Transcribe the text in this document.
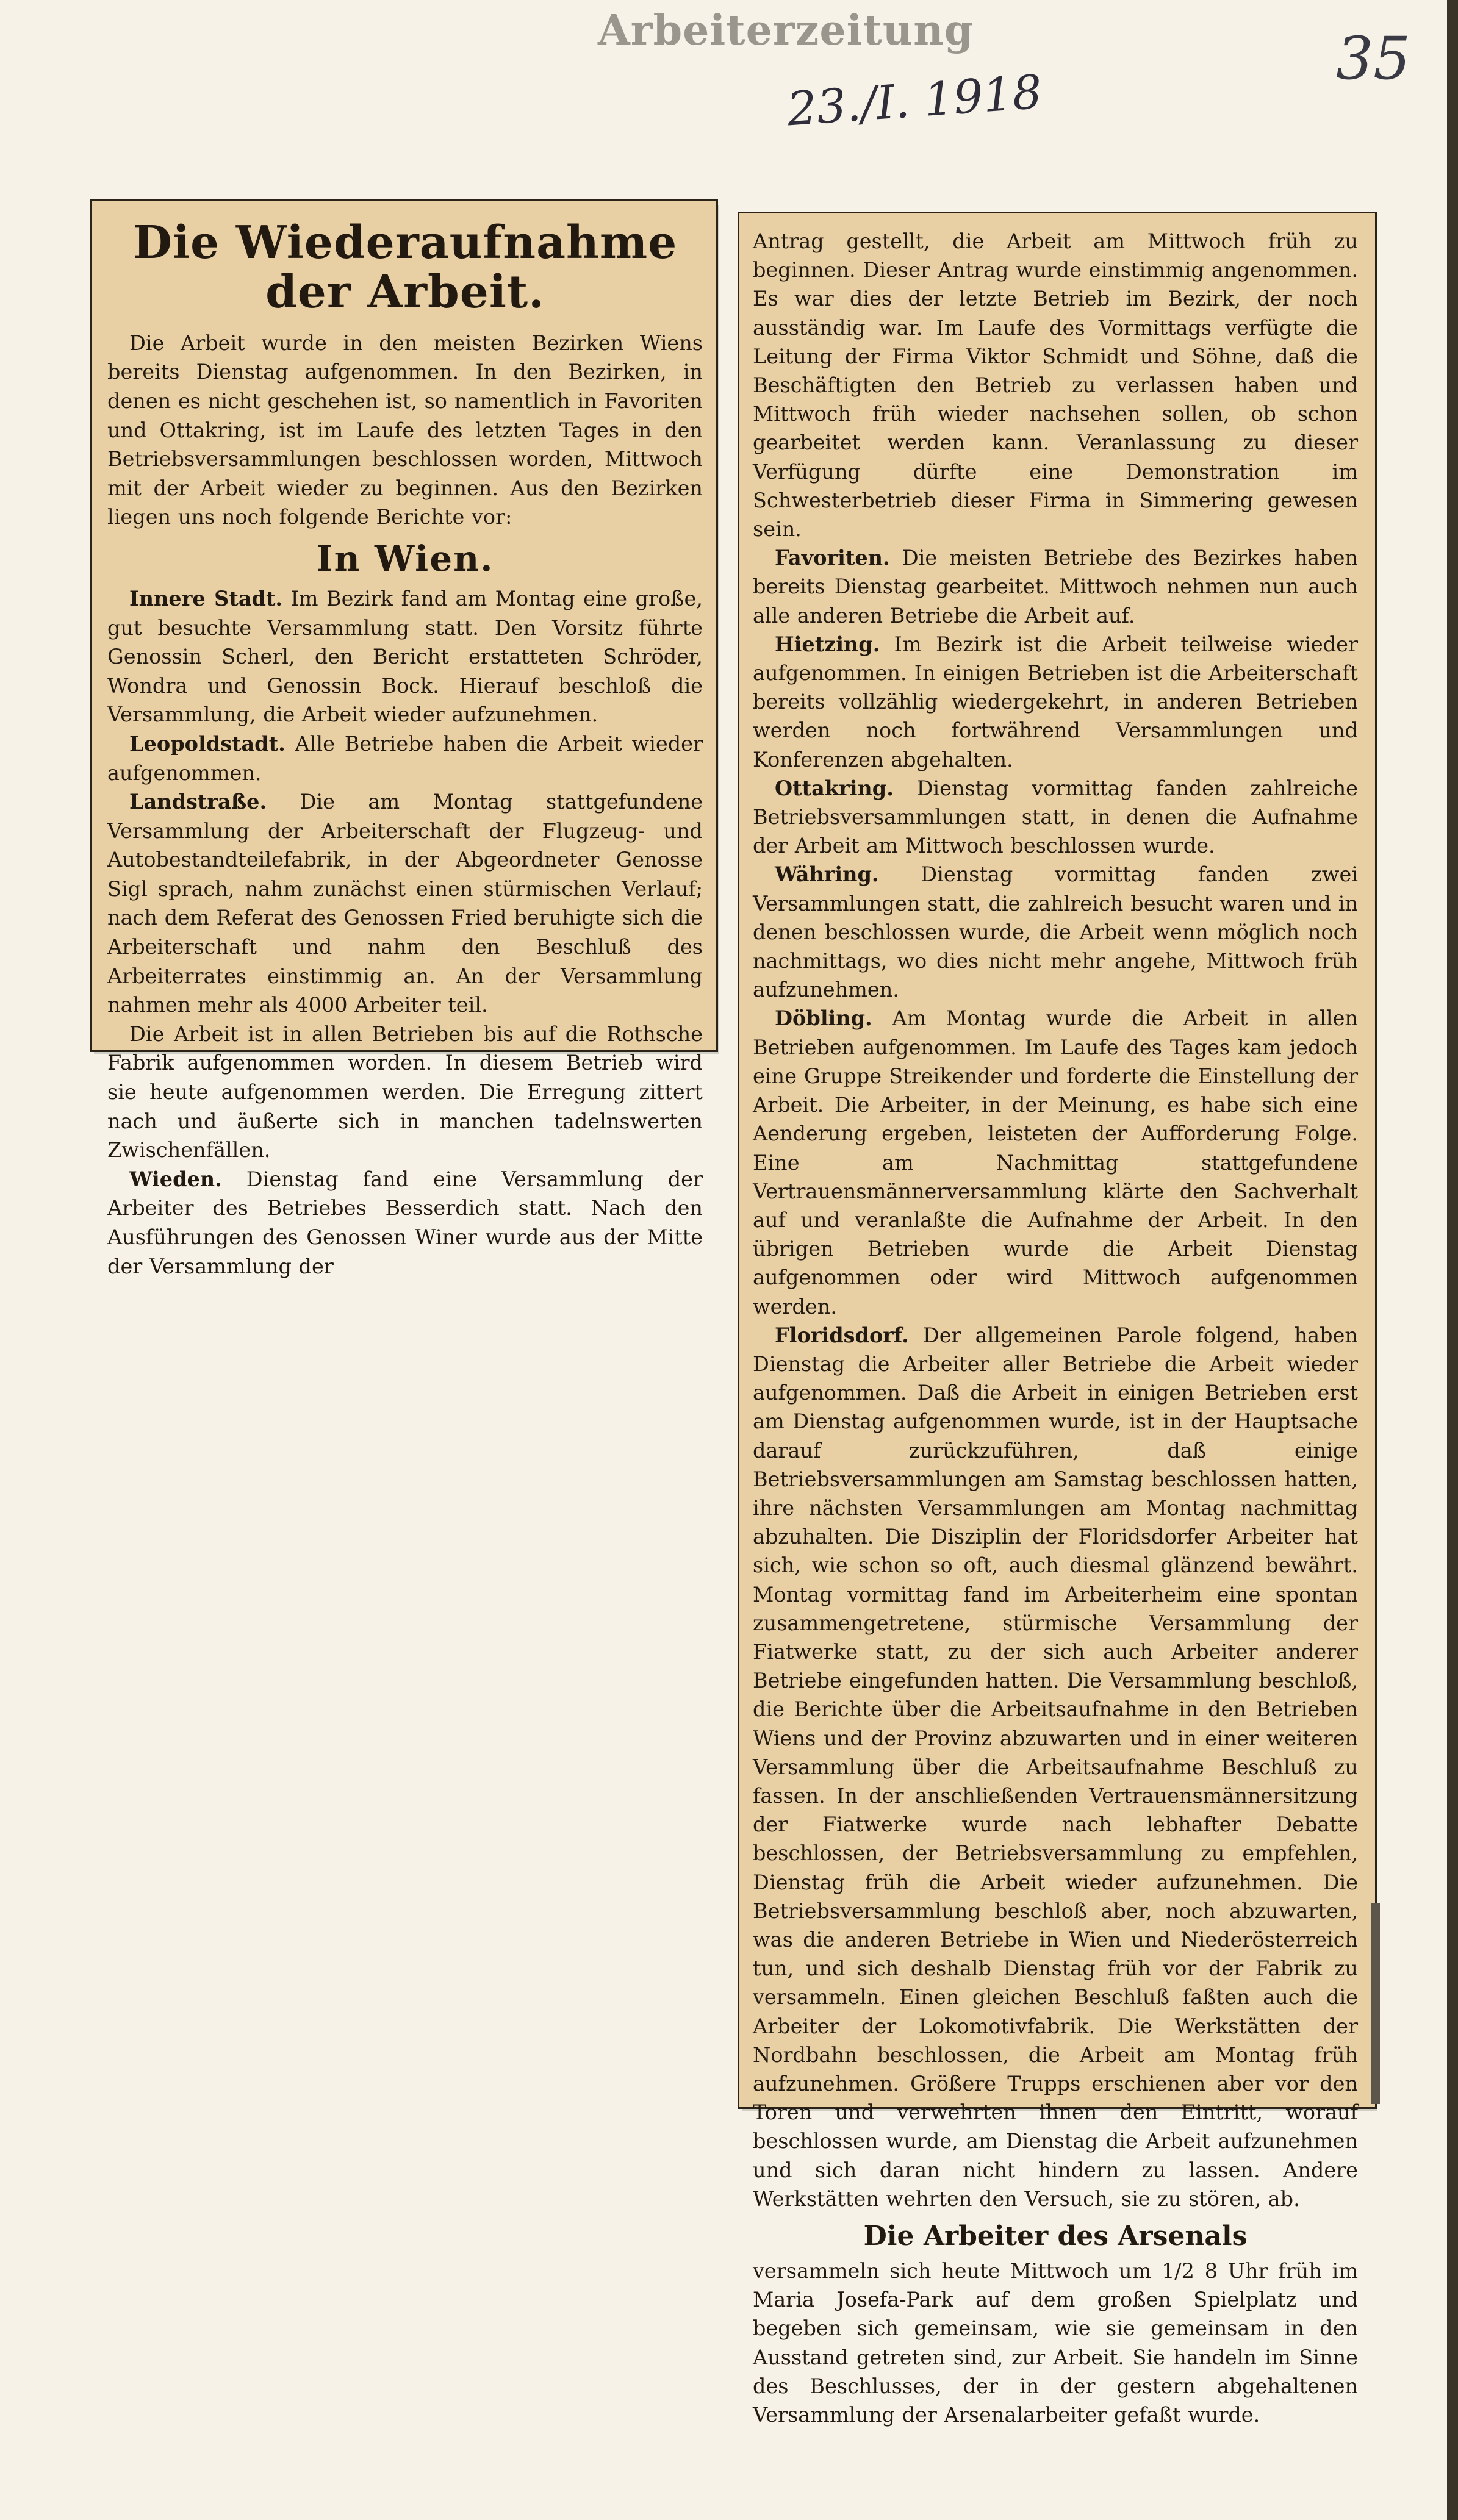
Arbeiterzeitung
23./I. 1918
35
Die Wiederaufnahme der Arbeit.

Die Arbeit wurde in den meisten Bezirken Wiens bereits Dienstag aufgenommen. In den Bezirken, in denen es nicht geschehen ist, so namentlich in Favoriten und Ottakring, ist im Laufe des letzten Tages in den Betriebsversammlungen beschlossen worden, Mittwoch mit der Arbeit wieder zu beginnen. Aus den Bezirken liegen uns noch folgende Berichte vor:

In Wien.

Innere Stadt. Im Bezirk fand am Montag eine große, gut besuchte Versammlung statt. Den Vorsitz führte Genossin Scherl, den Bericht erstatteten Schröder, Wondra und Genossin Bock. Hierauf beschloß die Versammlung, die Arbeit wieder aufzunehmen.

Leopoldstadt. Alle Betriebe haben die Arbeit wieder aufgenommen.

Landstraße. Die am Montag stattgefundene Versammlung der Arbeiterschaft der Flugzeug- und Autobestandteilefabrik, in der Abgeordneter Genosse Sigl sprach, nahm zunächst einen stürmischen Verlauf; nach dem Referat des Genossen Fried beruhigte sich die Arbeiterschaft und nahm den Beschluß des Arbeiterrates einstimmig an. An der Versammlung nahmen mehr als 4000 Arbeiter teil.

Die Arbeit ist in allen Betrieben bis auf die Rothsche Fabrik aufgenommen worden. In diesem Betrieb wird sie heute aufgenommen werden. Die Erregung zittert nach und äußerte sich in manchen tadelnswerten Zwischenfällen.

Wieden. Dienstag fand eine Versammlung der Arbeiter des Betriebes Besserdich statt. Nach den Ausführungen des Genossen Winer wurde aus der Mitte der Versammlung der

Antrag gestellt, die Arbeit am Mittwoch früh zu beginnen. Dieser Antrag wurde einstimmig angenommen. Es war dies der letzte Betrieb im Bezirk, der noch ausständig war. Im Laufe des Vormittags verfügte die Leitung der Firma Viktor Schmidt und Söhne, daß die Beschäftigten den Betrieb zu verlassen haben und Mittwoch früh wieder nachsehen sollen, ob schon gearbeitet werden kann. Veranlassung zu dieser Verfügung dürfte eine Demonstration im Schwesterbetrieb dieser Firma in Simmering gewesen sein.

Favoriten. Die meisten Betriebe des Bezirkes haben bereits Dienstag gearbeitet. Mittwoch nehmen nun auch alle anderen Betriebe die Arbeit auf.

Hietzing. Im Bezirk ist die Arbeit teilweise wieder aufgenommen. In einigen Betrieben ist die Arbeiterschaft bereits vollzählig wiedergekehrt, in anderen Betrieben werden noch fortwährend Versammlungen und Konferenzen abgehalten.

Ottakring. Dienstag vormittag fanden zahlreiche Betriebsversammlungen statt, in denen die Aufnahme der Arbeit am Mittwoch beschlossen wurde.

Währing. Dienstag vormittag fanden zwei Versammlungen statt, die zahlreich besucht waren und in denen beschlossen wurde, die Arbeit wenn möglich noch nachmittags, wo dies nicht mehr angehe, Mittwoch früh aufzunehmen.

Döbling. Am Montag wurde die Arbeit in allen Betrieben aufgenommen. Im Laufe des Tages kam jedoch eine Gruppe Streikender und forderte die Einstellung der Arbeit. Die Arbeiter, in der Meinung, es habe sich eine Aenderung ergeben, leisteten der Aufforderung Folge. Eine am Nachmittag stattgefundene Vertrauensmännerversammlung klärte den Sachverhalt auf und veranlaßte die Aufnahme der Arbeit. In den übrigen Betrieben wurde die Arbeit Dienstag aufgenommen oder wird Mittwoch aufgenommen werden.

Floridsdorf. Der allgemeinen Parole folgend, haben Dienstag die Arbeiter aller Betriebe die Arbeit wieder aufgenommen. Daß die Arbeit in einigen Betrieben erst am Dienstag aufgenommen wurde, ist in der Hauptsache darauf zurückzuführen, daß einige Betriebsversammlungen am Samstag beschlossen hatten, ihre nächsten Versammlungen am Montag nachmittag abzuhalten. Die Disziplin der Floridsdorfer Arbeiter hat sich, wie schon so oft, auch diesmal glänzend bewährt. Montag vormittag fand im Arbeiterheim eine spontan zusammengetretene, stürmische Versammlung der Fiatwerke statt, zu der sich auch Arbeiter anderer Betriebe eingefunden hatten. Die Versammlung beschloß, die Berichte über die Arbeitsaufnahme in den Betrieben Wiens und der Provinz abzuwarten und in einer weiteren Versammlung über die Arbeitsaufnahme Beschluß zu fassen. In der anschließenden Vertrauensmännersitzung der Fiatwerke wurde nach lebhafter Debatte beschlossen, der Betriebsversammlung zu empfehlen, Dienstag früh die Arbeit wieder aufzunehmen. Die Betriebsversammlung beschloß aber, noch abzuwarten, was die anderen Betriebe in Wien und Niederösterreich tun, und sich deshalb Dienstag früh vor der Fabrik zu versammeln. Einen gleichen Beschluß faßten auch die Arbeiter der Lokomotivfabrik. Die Werkstätten der Nordbahn beschlossen, die Arbeit am Montag früh aufzunehmen. Größere Trupps erschienen aber vor den Toren und verwehrten ihnen den Eintritt, worauf beschlossen wurde, am Dienstag die Arbeit aufzunehmen und sich daran nicht hindern zu lassen. Andere Werkstätten wehrten den Versuch, sie zu stören, ab.

Die Arbeiter des Arsenals

versammeln sich heute Mittwoch um 1/2 8 Uhr früh im Maria Josefa-Park auf dem großen Spielplatz und begeben sich gemeinsam, wie sie gemeinsam in den Ausstand getreten sind, zur Arbeit. Sie handeln im Sinne des Beschlusses, der in der gestern abgehaltenen Versammlung der Arsenalarbeiter gefaßt wurde.
